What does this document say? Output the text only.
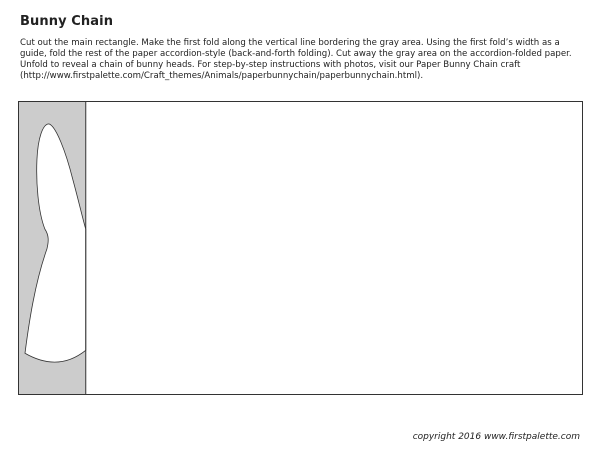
Bunny Chain
Cut out the main rectangle. Make the first fold along the vertical line bordering the gray area. Using the first fold’s width as a
guide, fold the rest of the paper accordion-style (back-and-forth folding). Cut away the gray area on the accordion-folded paper.
Unfold to reveal a chain of bunny heads. For step-by-step instructions with photos, visit our Paper Bunny Chain craft
(http://www.firstpalette.com/Craft_themes/Animals/paperbunnychain/paperbunnychain.html).
copyright 2016 www.firstpalette.com
